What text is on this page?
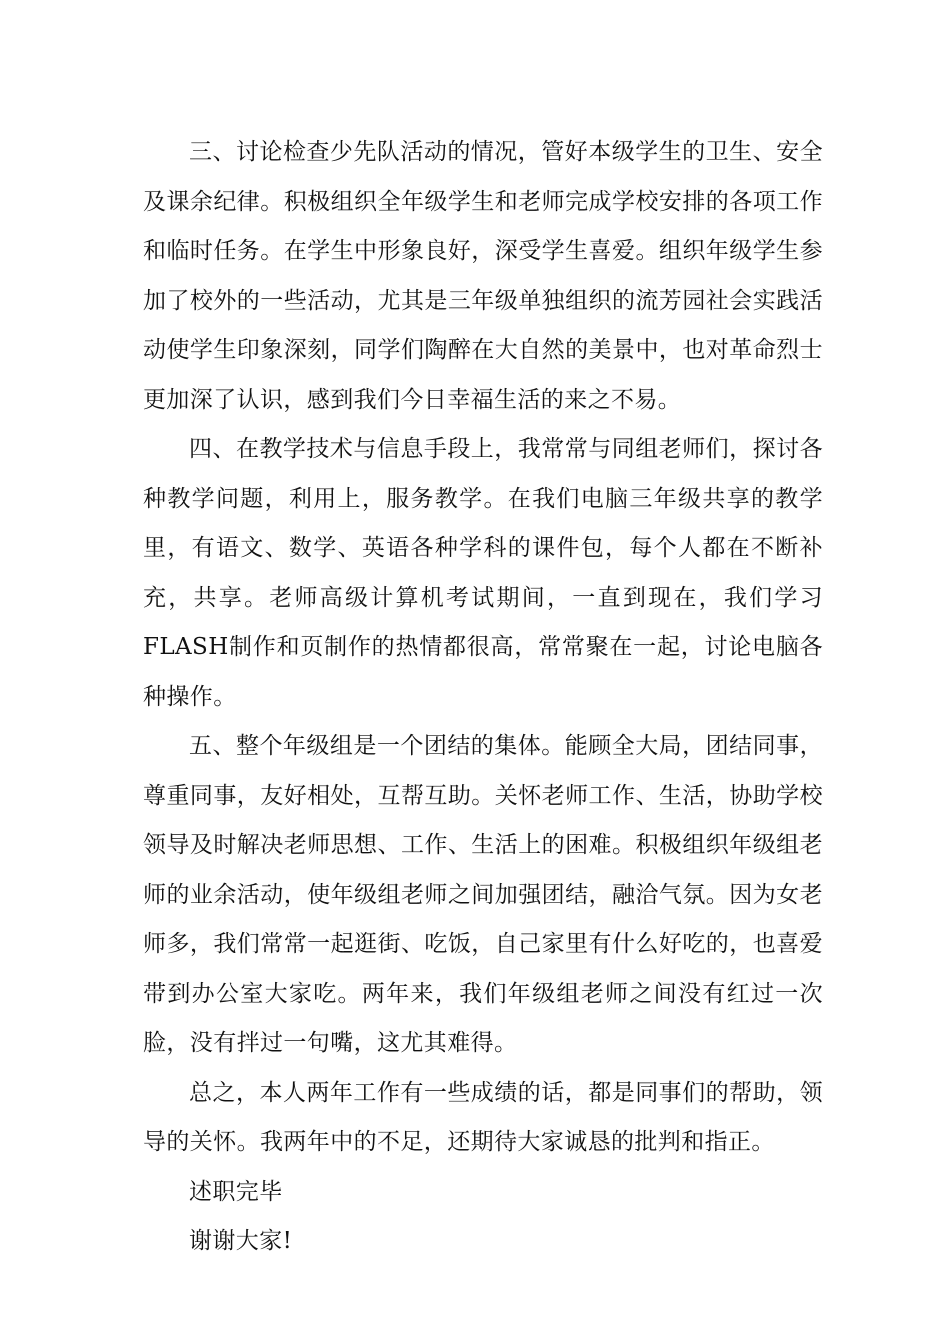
三、讨论检查少先队活动的情况，管好本级学生的卫生、安全及课余纪律。积极组织全年级学生和老师完成学校安排的各项工作和临时任务。在学生中形象良好，深受学生喜爱。组织年级学生参加了校外的一些活动，尤其是三年级单独组织的流芳园社会实践活动使学生印象深刻，同学们陶醉在大自然的美景中，也对革命烈士更加深了认识，感到我们今日幸福生活的来之不易。

四、在教学技术与信息手段上，我常常与同组老师们，探讨各种教学问题，利用上，服务教学。在我们电脑三年级共享的教学里，有语文、数学、英语各种学科的课件包，每个人都在不断补充，共享。老师高级计算机考试期间，一直到现在，我们学习FLASH制作和页制作的热情都很高，常常聚在一起，讨论电脑各种操作。

五、整个年级组是一个团结的集体。能顾全大局，团结同事，尊重同事，友好相处，互帮互助。关怀老师工作、生活，协助学校领导及时解决老师思想、工作、生活上的困难。积极组织年级组老师的业余活动，使年级组老师之间加强团结，融洽气氛。因为女老师多，我们常常一起逛街、吃饭，自己家里有什么好吃的，也喜爱带到办公室大家吃。两年来，我们年级组老师之间没有红过一次脸，没有拌过一句嘴，这尤其难得。

总之，本人两年工作有一些成绩的话，都是同事们的帮助，领导的关怀。我两年中的不足，还期待大家诚恳的批判和指正。

述职完毕

谢谢大家!
